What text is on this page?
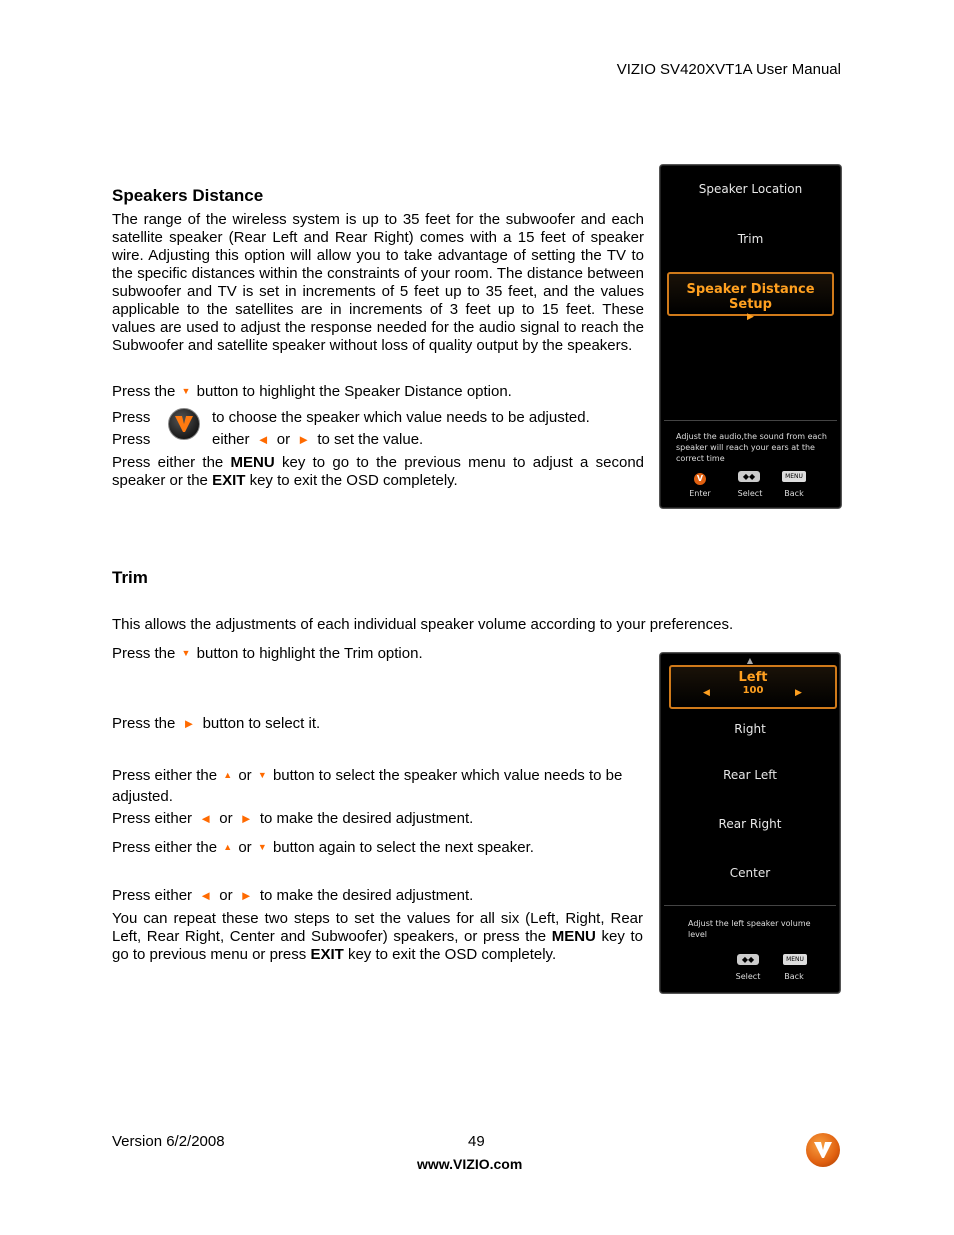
VIZIO SV420XVT1A User Manual
Speakers Distance

The range of the wireless system is up to 35 feet for the subwoofer and each satellite speaker (Rear Left and Rear Right) comes with a 15 feet of speaker wire. Adjusting this option will allow you to take advantage of setting the TV to the specific distances within the constraints of your room. The distance between subwoofer and TV is set in increments of 5 feet up to 35 feet, and the values applicable to the satellites are in increments of 3 feet up to 15 feet. These values are used to adjust the response needed for the audio signal to reach the Subwoofer and satellite speaker without loss of quality output by the speakers.

Press the ▼ button to highlight the Speaker Distance option.
Press	to choose the speaker which value needs to be adjusted.
Press	either ◄ or ► to set the value.

Press either the MENU key to go to the previous menu to adjust a second speaker or the EXIT key to exit the OSD completely.

Speaker Location
Trim
Speaker Distance Setup
▶
Adjust the audio,the sound from each speaker will reach your ears at the correct time
V
Enter
◆◆
Select
MENU
Back
Trim
This allows the adjustments of each individual speaker volume according to your preferences.
Press the ▼ button to highlight the Trim option.
Press the ► button to select it.
Press either the ▲ or ▼ button to select the speaker which value needs to be
adjusted.
Press either ◄ or ► to make the desired adjustment.
Press either the ▲ or ▼ button again to select the next speaker.
Press either ◄ or ► to make the desired adjustment.

You can repeat these two steps to set the values for all six (Left, Right, Rear Left, Rear Right, Center and Subwoofer) speakers, or press the MENU key to go to previous menu or press EXIT key to exit the OSD completely.

▲
Left
100
◀	▶
Right
Rear Left
Rear Right
Center
Adjust the left speaker volume level
◆◆
Select
MENU
Back
Version 6/2/2008	49
www.VIZIO.com
